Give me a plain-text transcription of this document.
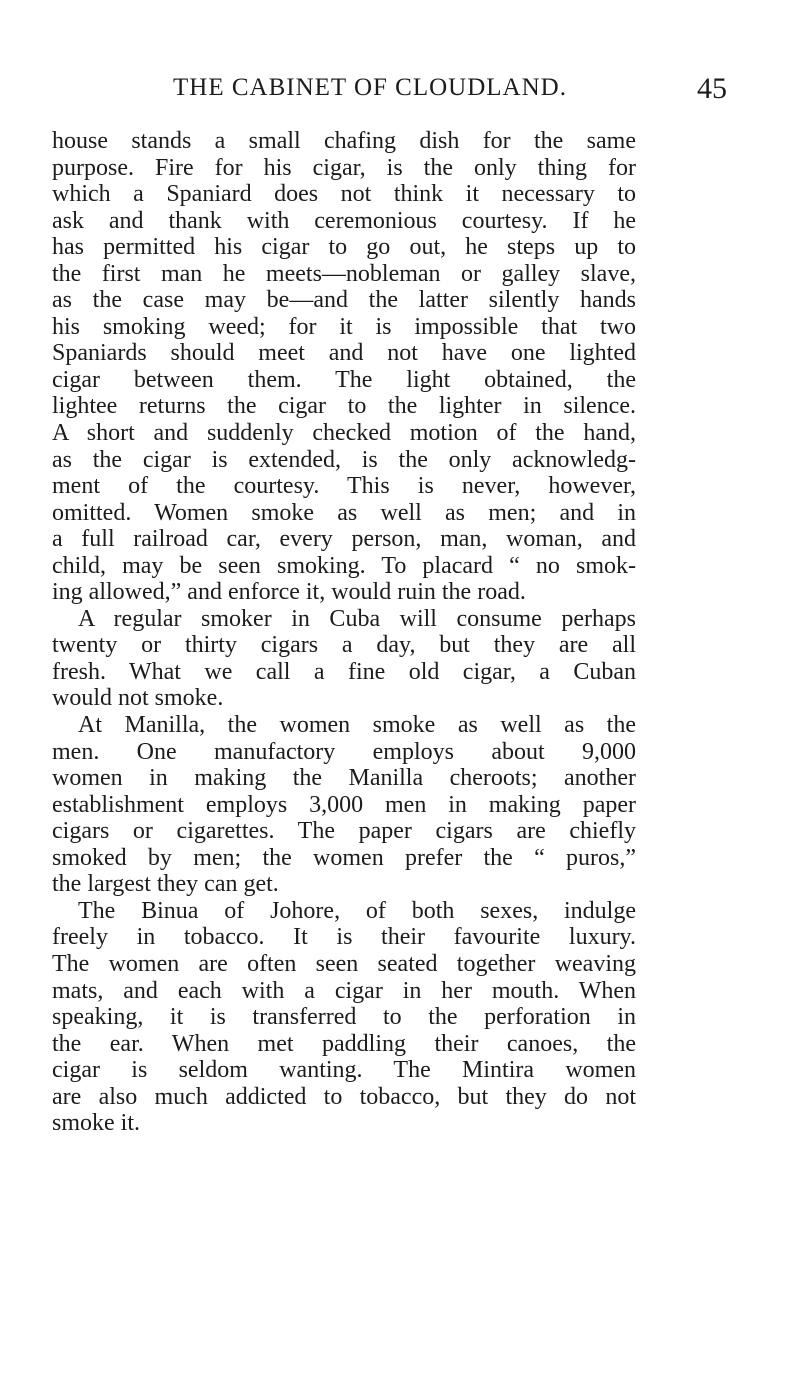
THE CABINET OF CLOUDLAND.	45
house stands a small chafing dish for the same
purpose. Fire for his cigar, is the only thing for
which a Spaniard does not think it necessary to
ask and thank with ceremonious courtesy. If he
has permitted his cigar to go out, he steps up to
the first man he meets—nobleman or galley slave,
as the case may be—and the latter silently hands
his smoking weed; for it is impossible that two
Spaniards should meet and not have one lighted
cigar between them. The light obtained, the
lightee returns the cigar to the lighter in silence.
A short and suddenly checked motion of the hand,
as the cigar is extended, is the only acknowledg-
ment of the courtesy. This is never, however,
omitted. Women smoke as well as men; and in
a full railroad car, every person, man, woman, and
child, may be seen smoking. To placard “ no smok-
ing allowed,” and enforce it, would ruin the road.
A regular smoker in Cuba will consume perhaps
twenty or thirty cigars a day, but they are all
fresh. What we call a fine old cigar, a Cuban
would not smoke.
At Manilla, the women smoke as well as the
men. One manufactory employs about 9,000
women in making the Manilla cheroots; another
establishment employs 3,000 men in making paper
cigars or cigarettes. The paper cigars are chiefly
smoked by men; the women prefer the “ puros,”
the largest they can get.
The Binua of Johore, of both sexes, indulge
freely in tobacco. It is their favourite luxury.
The women are often seen seated together weaving
mats, and each with a cigar in her mouth. When
speaking, it is transferred to the perforation in
the ear. When met paddling their canoes, the
cigar is seldom wanting. The Mintira women
are also much addicted to tobacco, but they do not
smoke it.
